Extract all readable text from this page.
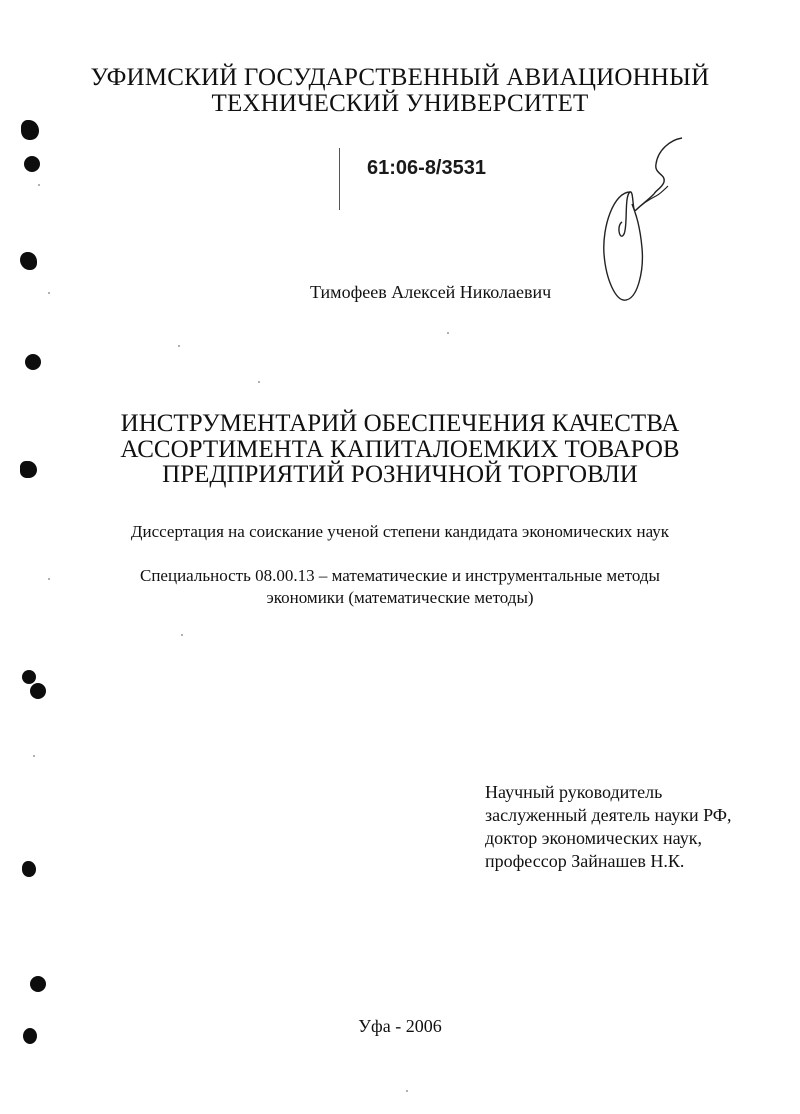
УФИМСКИЙ ГОСУДАРСТВЕННЫЙ АВИАЦИОННЫЙ
ТЕХНИЧЕСКИЙ УНИВЕРСИТЕТ
61:06-8/3531
Тимофеев Алексей Николаевич
ИНСТРУМЕНТАРИЙ ОБЕСПЕЧЕНИЯ КАЧЕСТВА
АССОРТИМЕНТА КАПИТАЛОЕМКИХ ТОВАРОВ
ПРЕДПРИЯТИЙ РОЗНИЧНОЙ ТОРГОВЛИ
Диссертация на соискание ученой степени кандидата экономических наук
Специальность 08.00.13 – математические и инструментальные методы
экономики (математические методы)
Научный руководитель
заслуженный деятель науки РФ,
доктор экономических наук,
профессор Зайнашев Н.К.
Уфа - 2006
